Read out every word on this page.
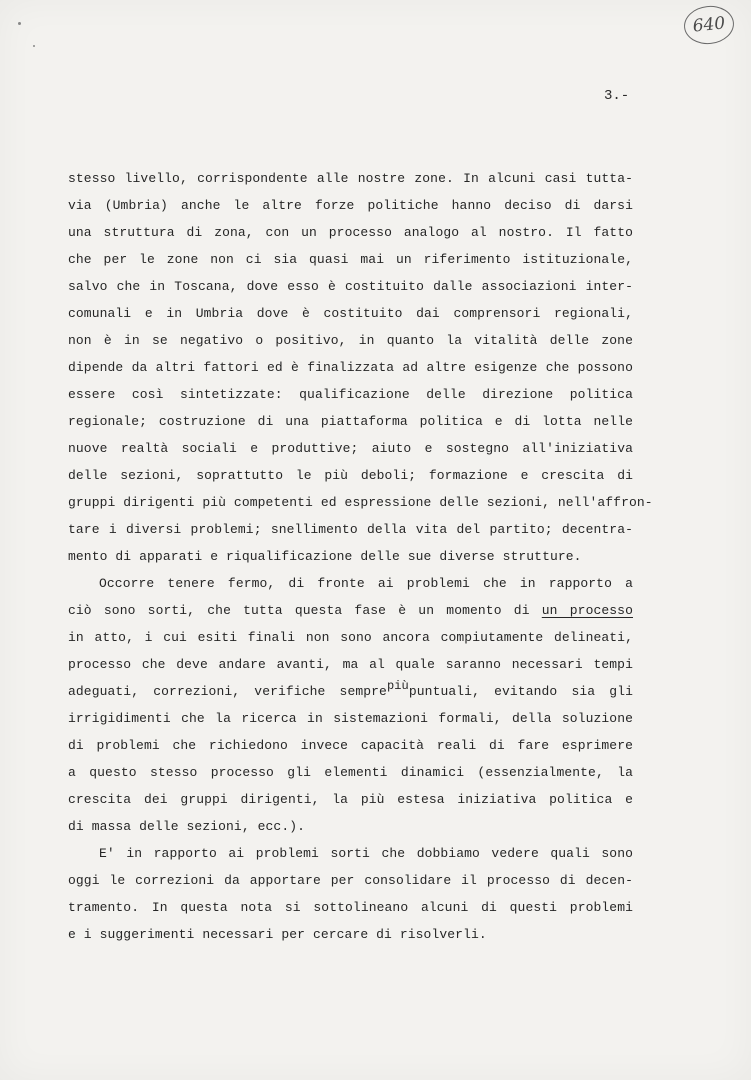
640
3.-
stesso livello, corrispondente alle nostre zone. In alcuni casi tutta-
via (Umbria) anche le altre forze politiche hanno deciso di darsi
una struttura di zona, con un processo analogo al nostro. Il fatto
che per le zone non ci sia quasi mai un riferimento istituzionale,
salvo che in Toscana, dove esso è costituito dalle associazioni inter-
comunali e in Umbria dove è costituito dai comprensori regionali,
non è in se negativo o positivo, in quanto la vitalità delle zone
dipende da altri fattori ed è finalizzata ad altre esigenze che possono
essere così sintetizzate: qualificazione delle direzione politica
regionale; costruzione di una piattaforma politica e di lotta nelle
nuove realtà sociali e produttive; aiuto e sostegno all'iniziativa
delle sezioni, soprattutto le più deboli; formazione e crescita di
gruppi dirigenti più competenti ed espressione delle sezioni, nell'affron-
tare i diversi problemi; snellimento della vita del partito; decentra-
mento di apparati e riqualificazione delle sue diverse strutture.
Occorre tenere fermo, di fronte ai problemi che in rapporto a
ciò sono sorti, che tutta questa fase è un momento di un processo
in atto, i cui esiti finali non sono ancora compiutamente delineati,
processo che deve andare avanti, ma al quale saranno necessari tempi
adeguati, correzioni, verifiche semprepiùpuntuali, evitando sia gli
irrigidimenti che la ricerca in sistemazioni formali, della soluzione
di problemi che richiedono invece capacità reali di fare esprimere
a questo stesso processo gli elementi dinamici (essenzialmente, la
crescita dei gruppi dirigenti, la più estesa iniziativa politica e
di massa delle sezioni, ecc.).
E' in rapporto ai problemi sorti che dobbiamo vedere quali sono
oggi le correzioni da apportare per consolidare il processo di decen-
tramento. In questa nota si sottolineano alcuni di questi problemi
e i suggerimenti necessari per cercare di risolverli.
